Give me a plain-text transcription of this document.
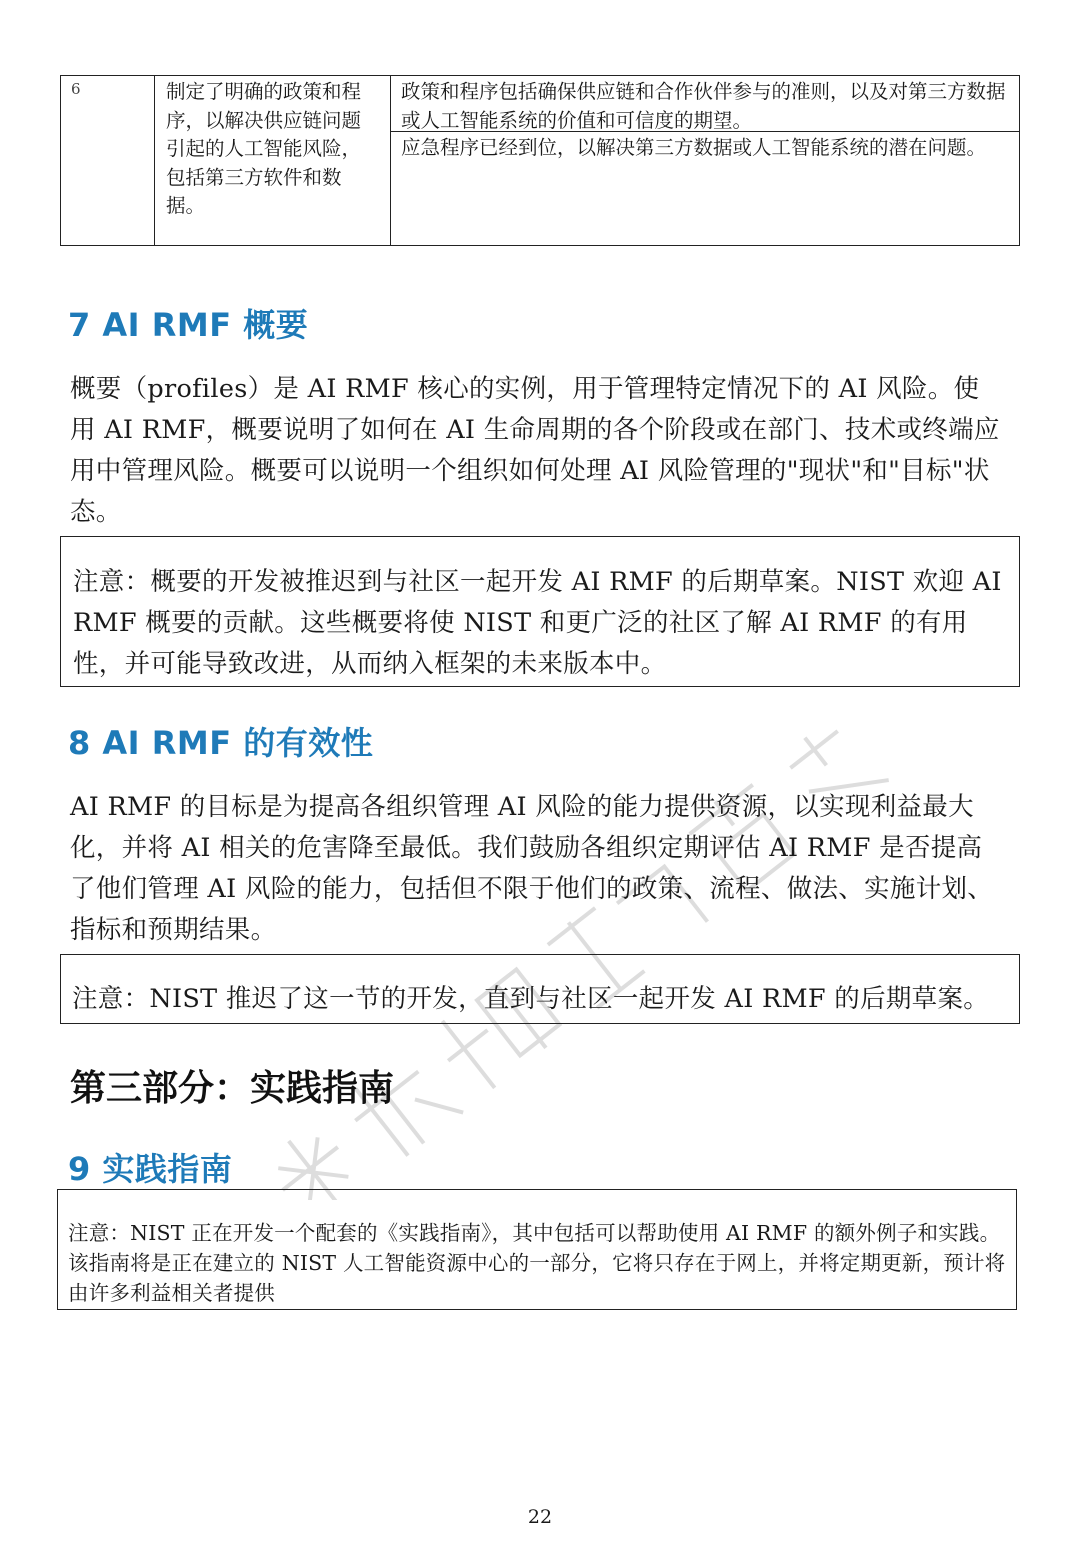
6	制定了明确的政策和程序，以解决供应链问题引起的人工智能风险，包括第三方软件和数据。
政策和程序包括确保供应链和合作伙伴参与的准则，以及对第三方数据或人工智能系统的价值和可信度的期望。
应急程序已经到位，以解决第三方数据或人工智能系统的潜在问题。
7 AI RMF 概要

概要（profiles）是 AI RMF 核心的实例，用于管理特定情况下的 AI 风险。使用 AI RMF，概要说明了如何在 AI 生命周期的各个阶段或在部门、技术或终端应用中管理风险。概要可以说明一个组织如何处理 AI 风险管理的"现状"和"目标"状态。

注意：概要的开发被推迟到与社区一起开发 AI RMF 的后期草案。NIST 欢迎 AI RMF 概要的贡献。这些概要将使 NIST 和更广泛的社区了解 AI RMF 的有用性，并可能导致改进，从而纳入框架的未来版本中。

8 AI RMF 的有效性

AI RMF 的目标是为提高各组织管理 AI 风险的能力提供资源，以实现利益最大化，并将 AI 相关的危害降至最低。我们鼓励各组织定期评估 AI RMF 是否提高了他们管理 AI 风险的能力，包括但不限于他们的政策、流程、做法、实施计划、指标和预期结果。

注意：NIST 推迟了这一节的开发，直到与社区一起开发 AI RMF 的后期草案。

第三部分：实践指南
9 实践指南

注意：NIST 正在开发一个配套的《实践指南》，其中包括可以帮助使用 AI RMF 的额外例子和实践。该指南将是正在建立的 NIST 人工智能资源中心的一部分，它将只存在于网上，并将定期更新，预计将由许多利益相关者提供

22
